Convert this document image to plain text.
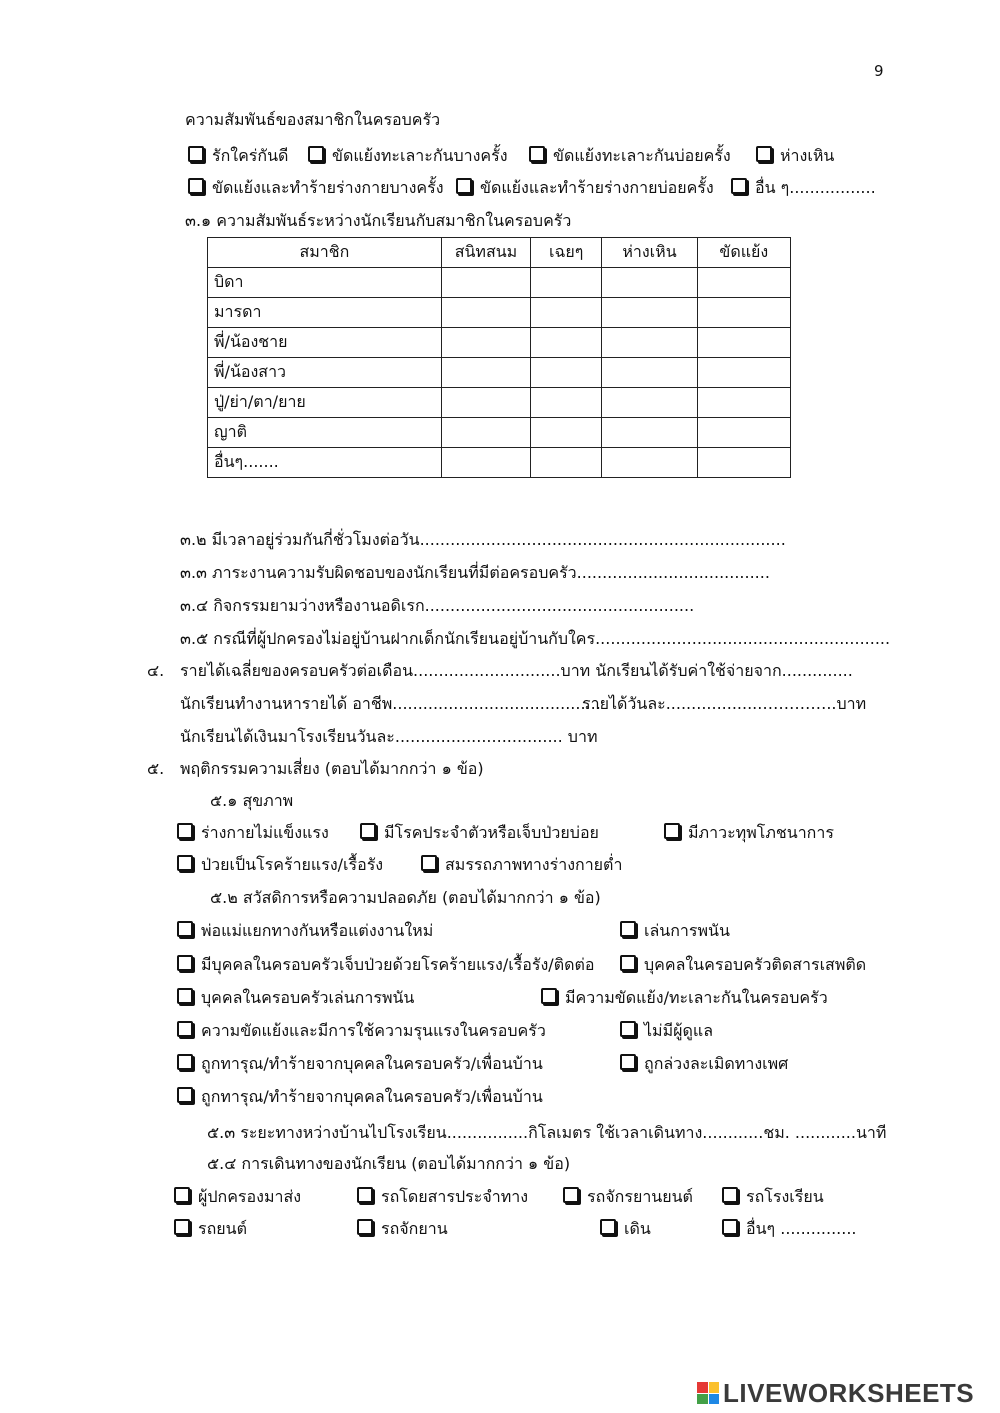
9
ความสัมพันธ์ของสมาชิกในครอบครัว
รักใคร่กันดี	ขัดแย้งทะเลาะกันบางครั้ง	ขัดแย้งทะเลาะกันบ่อยครั้ง	ห่างเหิน
ขัดแย้งและทำร้ายร่างกายบางครั้ง	ขัดแย้งและทำร้ายร่างกายบ่อยครั้ง	อื่น ๆ.................
๓.๑ ความสัมพันธ์ระหว่างนักเรียนกับสมาชิกในครอบครัว
สมาชิก	สนิทสนม	เฉยๆ	ห่างเหิน	ขัดแย้ง
บิดา				
มารดา				
พี่/น้องชาย				
พี่/น้องสาว				
ปู่/ย่า/ตา/ยาย				
ญาติ				
อื่นๆ.......				
๓.๒ มีเวลาอยู่ร่วมกันกี่ชั่วโมงต่อวัน........................................................................
๓.๓ ภาระงานความรับผิดชอบของนักเรียนที่มีต่อครอบครัว......................................
๓.๔ กิจกรรมยามว่างหรืองานอดิเรก.....................................................
๓.๕ กรณีที่ผู้ปกครองไม่อยู่บ้านฝากเด็กนักเรียนอยู่บ้านกับใคร..........................................................
๔. รายได้เฉลี่ยของครอบครัวต่อเดือน.............................บาท นักเรียนได้รับค่าใช้จ่ายจาก..............
นักเรียนทำงานหารายได้ อาชีพ.........................................
รายได้วันละ...................…………..บาท
นักเรียนได้เงินมาโรงเรียนวันละ................................. บาท
๕. พฤติกรรมความเสี่ยง (ตอบได้มากกว่า ๑ ข้อ)
๕.๑ สุขภาพ
ร่างกายไม่แข็งแรง	มีโรคประจำตัวหรือเจ็บป่วยบ่อย	มีภาวะทุพโภชนาการ
ป่วยเป็นโรคร้ายแรง/เรื้อรัง	สมรรถภาพทางร่างกายต่ำ
๕.๒ สวัสดิการหรือความปลอดภัย (ตอบได้มากกว่า ๑ ข้อ)
พ่อแม่แยกทางกันหรือแต่งงานใหม่	เล่นการพนัน
มีบุคคลในครอบครัวเจ็บป่วยด้วยโรคร้ายแรง/เรื้อรัง/ติดต่อ	บุคคลในครอบครัวติดสารเสพติด
บุคคลในครอบครัวเล่นการพนัน	มีความขัดแย้ง/ทะเลาะกันในครอบครัว
ความขัดแย้งและมีการใช้ความรุนแรงในครอบครัว	ไม่มีผู้ดูแล
ถูกทารุณ/ทำร้ายจากบุคคลในครอบครัว/เพื่อนบ้าน	ถูกล่วงละเมิดทางเพศ
ถูกทารุณ/ทำร้ายจากบุคคลในครอบครัว/เพื่อนบ้าน
๕.๓ ระยะทางหว่างบ้านไปโรงเรียน................กิโลเมตร ใช้เวลาเดินทาง............ชม. ............นาที
๕.๔ การเดินทางของนักเรียน (ตอบได้มากกว่า ๑ ข้อ)
ผู้ปกครองมาส่ง	รถโดยสารประจำทาง	รถจักรยานยนต์	รถโรงเรียน
รถยนต์	รถจักยาน	เดิน	อื่นๆ ...............
LIVEWORKSHEETS
